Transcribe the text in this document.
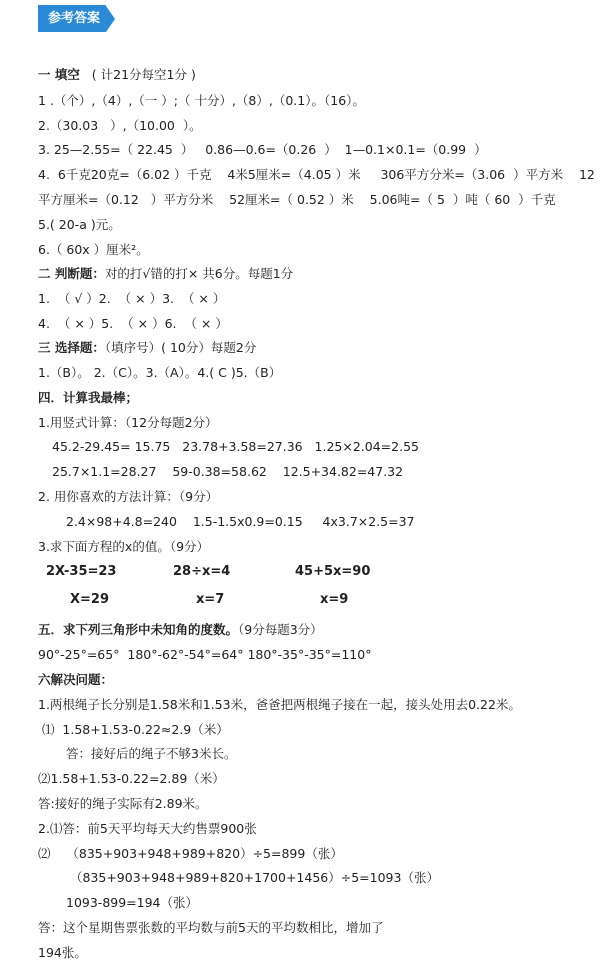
参考答案
一 填空   ( 计21分每空1分 )
1 .（个）,（4）,（一 ）;（ 十分）,（8）,（0.1）。（16）。
2.（30.03   ）,（10.00  ）。
3. 25—2.55=（ 22.45  ）   0.86—0.6=（0.26  ）  1—0.1×0.1=（0.99  ）
4.  6千克20克=（6.02 ）千克    4米5厘米=（4.05 ）米     306平方分米=（3.06  ）平方米    12
平方厘米=（0.12   ）平方分米    52厘米=（ 0.52 ）米    5.06吨=（ 5  ）吨（ 60  ）千克
5.( 20-a )元。
6.（ 60x ）厘米²。
二 判断题：对的打√错的打× 共6分。每题1分
1.  （ √ ）2.  （ × ）3.  （ × ）
4.  （ × ）5.  （ × ）6.  （ × ）
三 选择题：（填序号）( 10分）每题2分
1.（B）。 2.（C）。3.（A）。4.( C )5.（B）
四．计算我最棒；
1.用竖式计算：（12分每题2分）
45.2-29.45= 15.75   23.78+3.58=27.36   1.25×2.04=2.55
25.7×1.1=28.27    59-0.38=58.62    12.5+34.82=47.32
2. 用你喜欢的方法计算：（9分）
2.4×98+4.8=240    1.5-1.5x0.9=0.15     4x3.7×2.5=37
3.求下面方程的x的值。（9分）
五．求下列三角形中未知角的度数。（9分每题3分）
90°-25°=65°  180°-62°-54°=64° 180°-35°-35°=110°
六解决问题：
1.两根绳子长分别是1.58米和1.53米，爸爸把两根绳子接在一起，接头处用去0.22米。
⑴  1.58+1.53-0.22≈2.9（米）
答：接好后的绳子不够3米长。
⑵1.58+1.53-0.22=2.89（米）
答:接好的绳子实际有2.89米。
2.⑴答：前5天平均每天大约售票900张
⑵    （835+903+948+989+820）÷5=899（张）
（835+903+948+989+820+1700+1456）÷5=1093（张）
1093-899=194（张）
答：这个星期售票张数的平均数与前5天的平均数相比，增加了
194张。
2X-35=23	28÷x=4	45+5x=90
X=29	x=7	x=9
